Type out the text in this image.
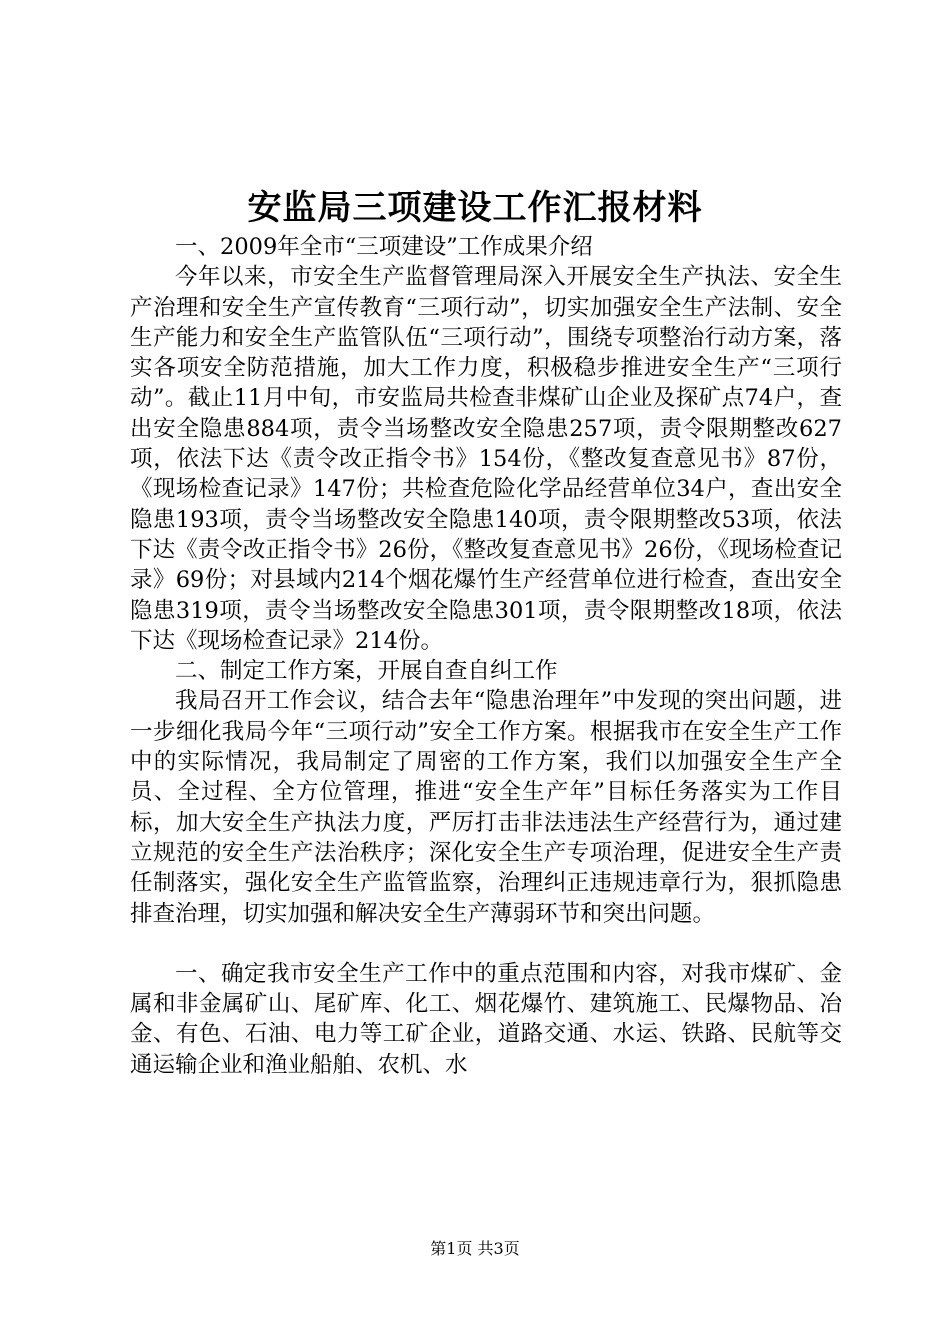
安监局三项建设工作汇报材料

一、2009年全市“三项建设”工作成果介绍

今年以来，市安全生产监督管理局深入开展安全生产执法、安全生产治理和安全生产宣传教育“三项行动”，切实加强安全生产法制、安全生产能力和安全生产监管队伍“三项行动”，围绕专项整治行动方案，落实各项安全防范措施，加大工作力度，积极稳步推进安全生产“三项行动”。截止11月中旬，市安监局共检查非煤矿山企业及探矿点74户，查出安全隐患884项，责令当场整改安全隐患257项，责令限期整改627项，依法下达《责令改正指令书》154份，《整改复查意见书》87份，《现场检查记录》147份；共检查危险化学品经营单位34户，查出安全隐患193项，责令当场整改安全隐患140项，责令限期整改53项，依法下达《责令改正指令书》26份，《整改复查意见书》26份，《现场检查记录》69份；对县域内214个烟花爆竹生产经营单位进行检查，查出安全隐患319项，责令当场整改安全隐患301项，责令限期整改18项，依法下达《现场检查记录》214份。

二、制定工作方案，开展自查自纠工作

我局召开工作会议，结合去年“隐患治理年”中发现的突出问题，进一步细化我局今年“三项行动”安全工作方案。根据我市在安全生产工作中的实际情况，我局制定了周密的工作方案，我们以加强安全生产全员、全过程、全方位管理，推进“安全生产年”目标任务落实为工作目标，加大安全生产执法力度，严厉打击非法违法生产经营行为，通过建立规范的安全生产法治秩序；深化安全生产专项治理，促进安全生产责任制落实，强化安全生产监管监察，治理纠正违规违章行为，狠抓隐患排查治理，切实加强和解决安全生产薄弱环节和突出问题。

一、确定我市安全生产工作中的重点范围和内容，对我市煤矿、金属和非金属矿山、尾矿库、化工、烟花爆竹、建筑施工、民爆物品、冶金、有色、石油、电力等工矿企业，道路交通、水运、铁路、民航等交通运输企业和渔业船舶、农机、水

第1页 共3页
